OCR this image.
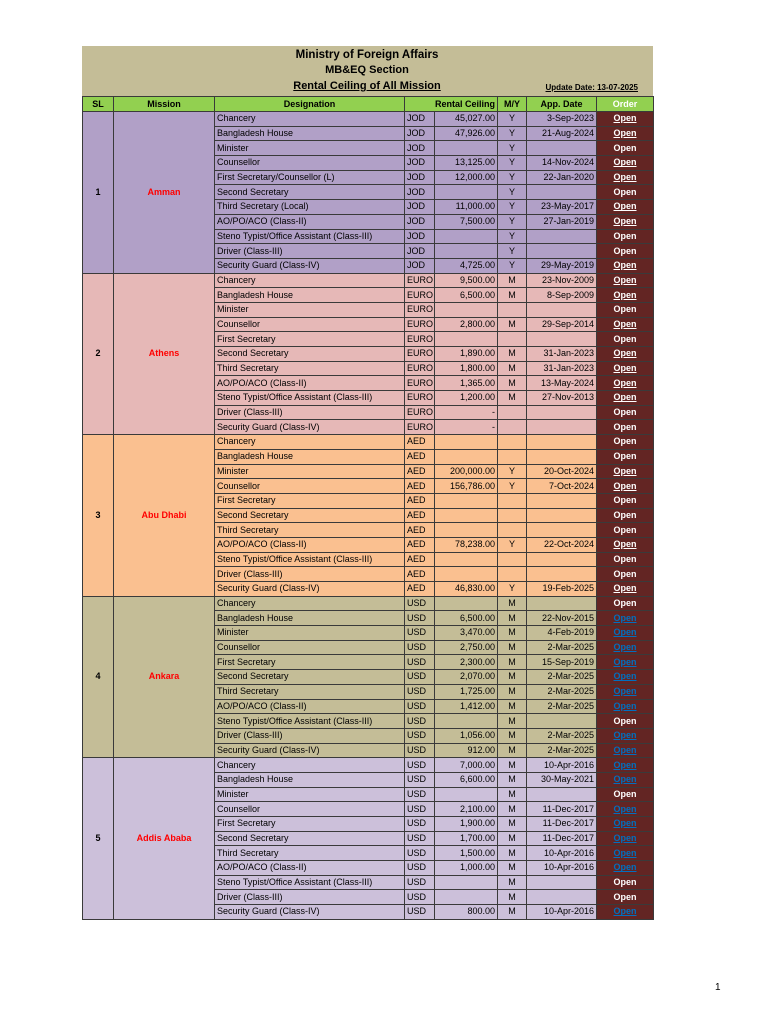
Ministry of Foreign Affairs
MB&EQ Section
Rental Ceiling of All Mission	Update Date: 13-07-2025
SL	Mission	Designation	Rental Ceiling		M/Y	App. Date	Order
1	Amman	Chancery	JOD	45,027.00	Y	3-Sep-2023	Open
		Bangladesh House	JOD	47,926.00	Y	21-Aug-2024	Open
		Minister	JOD		Y		Open
		Counsellor	JOD	13,125.00	Y	14-Nov-2024	Open
		First Secretary/Counsellor (L)	JOD	12,000.00	Y	22-Jan-2020	Open
		Second Secretary	JOD		Y		Open
		Third Secretary (Local)	JOD	11,000.00	Y	23-May-2017	Open
		AO/PO/ACO (Class-II)	JOD	7,500.00	Y	27-Jan-2019	Open
		Steno Typist/Office Assistant (Class-III)	JOD		Y		Open
		Driver (Class-III)	JOD		Y		Open
		Security Guard (Class-IV)	JOD	4,725.00	Y	29-May-2019	Open
2	Athens	Chancery	EURO	9,500.00	M	23-Nov-2009	Open
		Bangladesh House	EURO	6,500.00	M	8-Sep-2009	Open
		Minister	EURO				Open
		Counsellor	EURO	2,800.00	M	29-Sep-2014	Open
		First Secretary	EURO				Open
		Second Secretary	EURO	1,890.00	M	31-Jan-2023	Open
		Third Secretary	EURO	1,800.00	M	31-Jan-2023	Open
		AO/PO/ACO (Class-II)	EURO	1,365.00	M	13-May-2024	Open
		Steno Typist/Office Assistant (Class-III)	EURO	1,200.00	M	27-Nov-2013	Open
		Driver (Class-III)	EURO	-			Open
		Security Guard (Class-IV)	EURO	-			Open
3	Abu Dhabi	Chancery	AED				Open
		Bangladesh House	AED				Open
		Minister	AED	200,000.00	Y	20-Oct-2024	Open
		Counsellor	AED	156,786.00	Y	7-Oct-2024	Open
		First Secretary	AED				Open
		Second Secretary	AED				Open
		Third Secretary	AED				Open
		AO/PO/ACO (Class-II)	AED	78,238.00	Y	22-Oct-2024	Open
		Steno Typist/Office Assistant (Class-III)	AED				Open
		Driver (Class-III)	AED				Open
		Security Guard (Class-IV)	AED	46,830.00	Y	19-Feb-2025	Open
4	Ankara	Chancery	USD		M		Open
		Bangladesh House	USD	6,500.00	M	22-Nov-2015	Open
		Minister	USD	3,470.00	M	4-Feb-2019	Open
		Counsellor	USD	2,750.00	M	2-Mar-2025	Open
		First Secretary	USD	2,300.00	M	15-Sep-2019	Open
		Second Secretary	USD	2,070.00	M	2-Mar-2025	Open
		Third Secretary	USD	1,725.00	M	2-Mar-2025	Open
		AO/PO/ACO (Class-II)	USD	1,412.00	M	2-Mar-2025	Open
		Steno Typist/Office Assistant (Class-III)	USD		M		Open
		Driver (Class-III)	USD	1,056.00	M	2-Mar-2025	Open
		Security Guard (Class-IV)	USD	912.00	M	2-Mar-2025	Open
5	Addis Ababa	Chancery	USD	7,000.00	M	10-Apr-2016	Open
		Bangladesh House	USD	6,600.00	M	30-May-2021	Open
		Minister	USD		M		Open
		Counsellor	USD	2,100.00	M	11-Dec-2017	Open
		First Secretary	USD	1,900.00	M	11-Dec-2017	Open
		Second Secretary	USD	1,700.00	M	11-Dec-2017	Open
		Third Secretary	USD	1,500.00	M	10-Apr-2016	Open
		AO/PO/ACO (Class-II)	USD	1,000.00	M	10-Apr-2016	Open
		Steno Typist/Office Assistant (Class-III)	USD		M		Open
		Driver (Class-III)	USD		M		Open
		Security Guard (Class-IV)	USD	800.00	M	10-Apr-2016	Open
1
